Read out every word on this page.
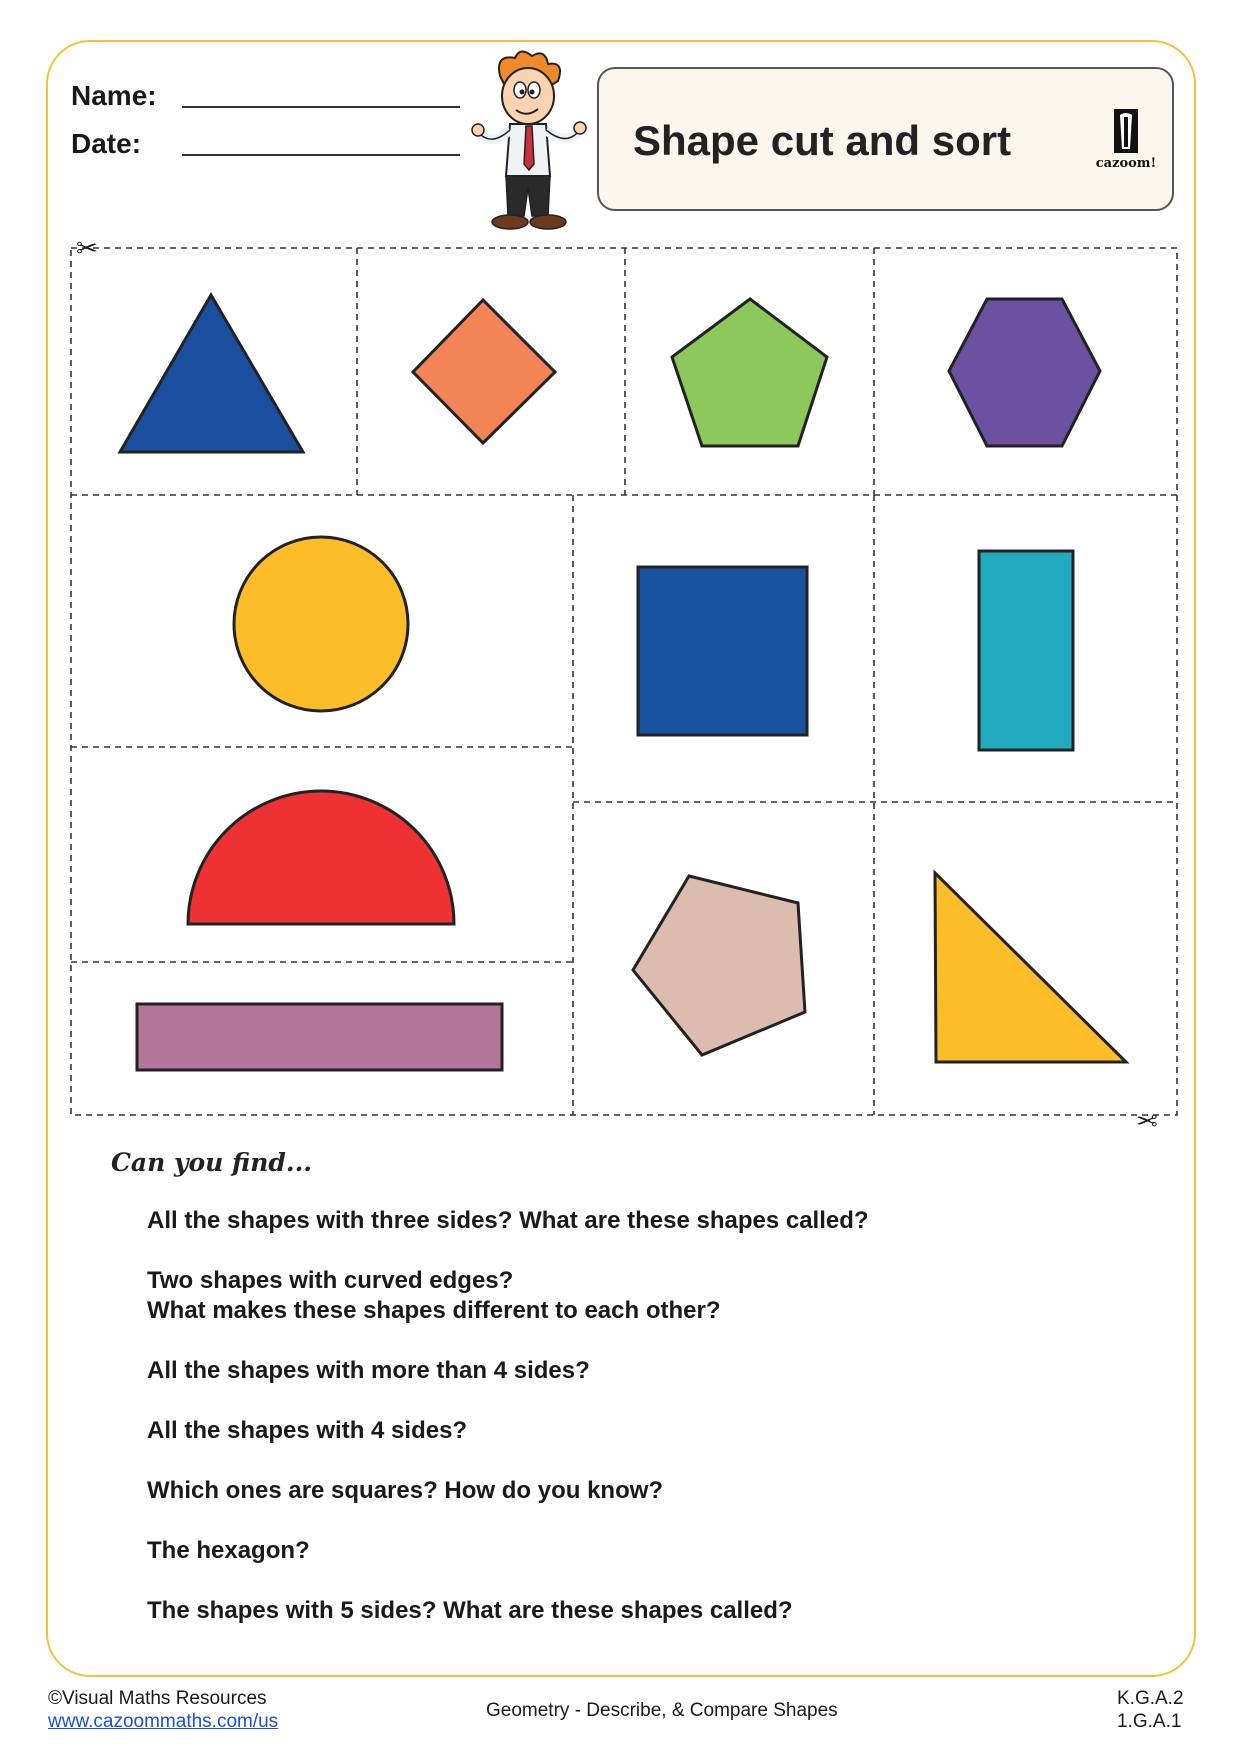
Name:
Date:	Shape cut and sort	cazoom!
✂
✂
Can you find...
All the shapes with three sides? What are these shapes called?
Two shapes with curved edges?
What makes these shapes different to each other?
All the shapes with more than 4 sides?
All the shapes with 4 sides?
Which ones are squares? How do you know?
The hexagon?
The shapes with 5 sides? What are these shapes called?
©Visual Maths Resources
www.cazoommaths.com/us
Geometry - Describe, & Compare Shapes
K.G.A.2
1.G.A.1
